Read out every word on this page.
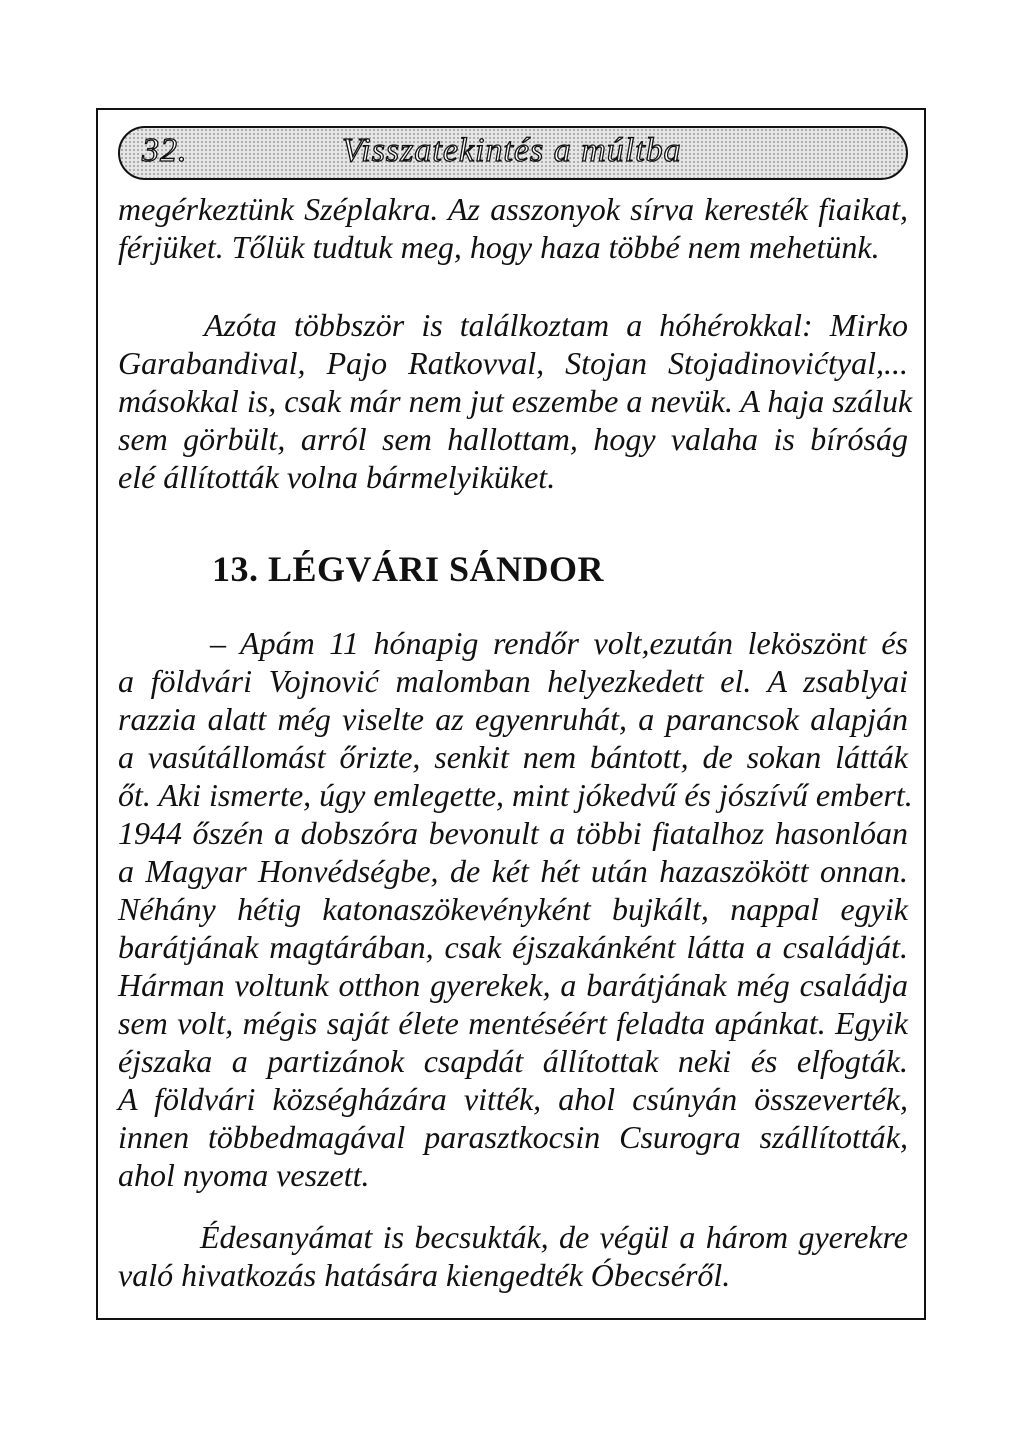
32.	Visszatekintés a múltba
megérkeztünk Széplakra. Az asszonyok sírva keresték fiaikat,
férjüket. Tőlük tudtuk meg, hogy haza többé nem mehetünk.
Azóta többször is találkoztam a hóhérokkal: Mirko
Garabandival, Pajo Ratkovval, Stojan Stojadinovićtyal,...
másokkal is, csak már nem jut eszembe a nevük. A haja száluk
sem görbült, arról sem hallottam, hogy valaha is bíróság
elé állították volna bármelyiküket.
13. LÉGVÁRI SÁNDOR
– Apám 11 hónapig rendőr volt,ezután leköszönt és
a földvári Vojnović malomban helyezkedett el. A zsablyai
razzia alatt még viselte az egyenruhát, a parancsok alapján
a vasútállomást őrizte, senkit nem bántott, de sokan látták
őt. Aki ismerte, úgy emlegette, mint jókedvű és jószívű embert.
1944 őszén a dobszóra bevonult a többi fiatalhoz hasonlóan
a Magyar Honvédségbe, de két hét után hazaszökött onnan.
Néhány hétig katonaszökevényként bujkált, nappal egyik
barátjának magtárában, csak éjszakánként látta a családját.
Hárman voltunk otthon gyerekek, a barátjának még családja
sem volt, mégis saját élete mentéséért feladta apánkat. Egyik
éjszaka a partizánok csapdát állítottak neki és elfogták.
A földvári községházára vitték, ahol csúnyán összeverték,
innen többedmagával parasztkocsin Csurogra szállították,
ahol nyoma veszett.
Édesanyámat is becsukták, de végül a három gyerekre
való hivatkozás hatására kiengedték Óbecséről.
